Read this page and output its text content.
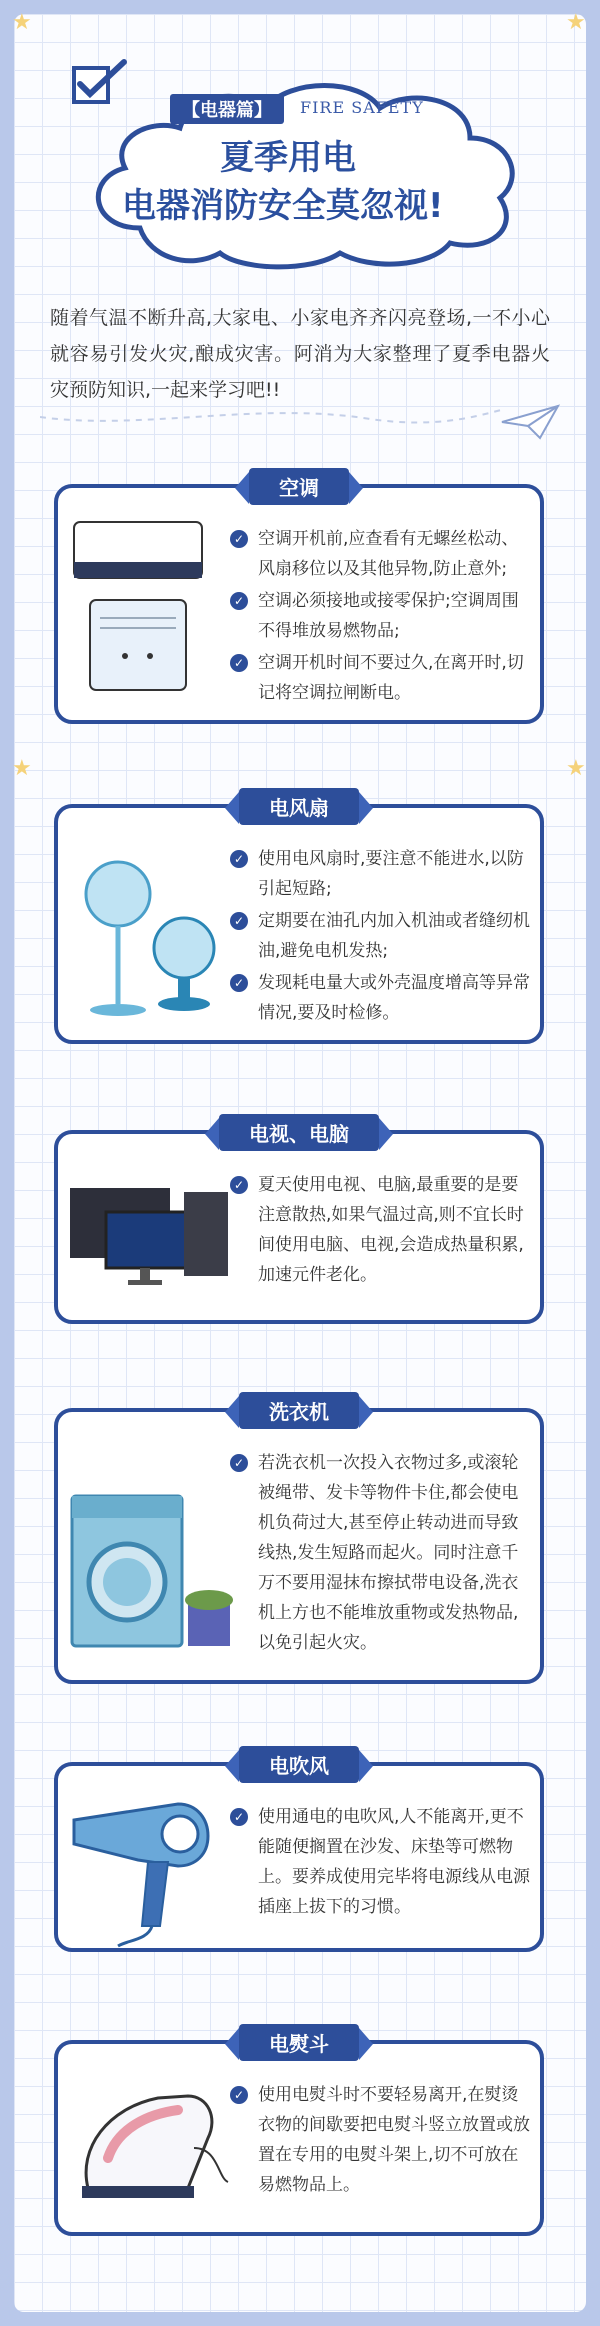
★	★
★	★
【电器篇】	FIRE SAFETY
夏季用电
电器消防安全莫忽视!
随着气温不断升高,大家电、小家电齐齐闪亮登场,一不小心就容易引发火灾,酿成灾害。阿消为大家整理了夏季电器火灾预防知识,一起来学习吧!!
空调
✓ 空调开机前,应查看有无螺丝松动、风扇移位以及其他异物,防止意外;
✓ 空调必须接地或接零保护;空调周围不得堆放易燃物品;
✓ 空调开机时间不要过久,在离开时,切记将空调拉闸断电。
电风扇
✓ 使用电风扇时,要注意不能进水,以防引起短路;
✓ 定期要在油孔内加入机油或者缝纫机油,避免电机发热;
✓ 发现耗电量大或外壳温度增高等异常情况,要及时检修。
电视、电脑
✓ 夏天使用电视、电脑,最重要的是要注意散热,如果气温过高,则不宜长时间使用电脑、电视,会造成热量积累,加速元件老化。
洗衣机
✓ 若洗衣机一次投入衣物过多,或滚轮被绳带、发卡等物件卡住,都会使电机负荷过大,甚至停止转动进而导致线热,发生短路而起火。同时注意千万不要用湿抹布擦拭带电设备,洗衣机上方也不能堆放重物或发热物品,以免引起火灾。
电吹风
✓ 使用通电的电吹风,人不能离开,更不能随便搁置在沙发、床垫等可燃物上。要养成使用完毕将电源线从电源插座上拔下的习惯。
电熨斗
✓ 使用电熨斗时不要轻易离开,在熨烫衣物的间歇要把电熨斗竖立放置或放置在专用的电熨斗架上,切不可放在易燃物品上。
